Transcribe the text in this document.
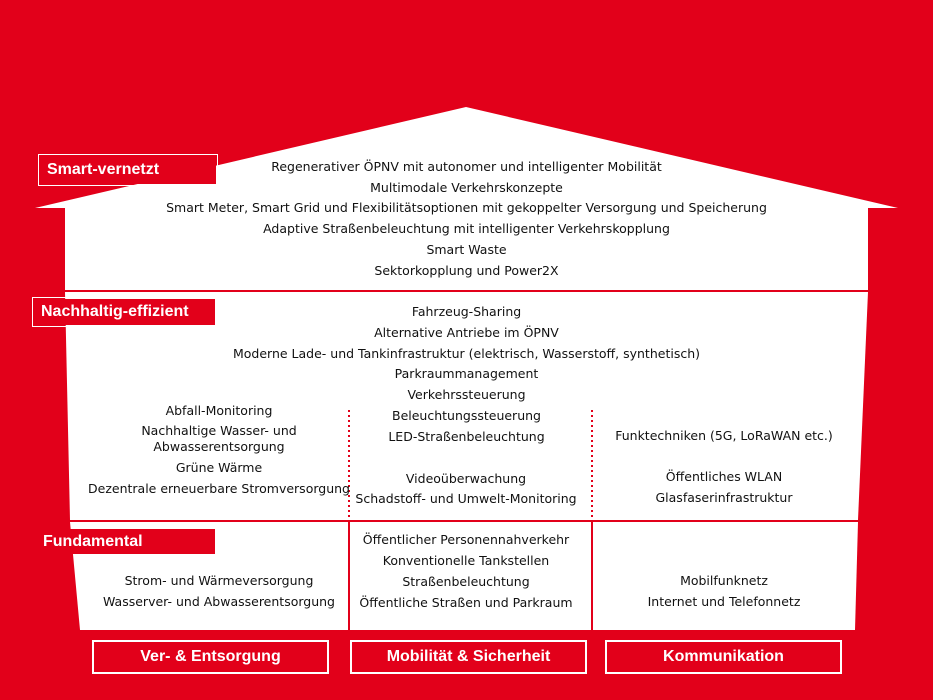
Smart-vernetzt
Nachhaltig-effizient
Fundamental
Regenerativer ÖPNV mit autonomer und intelligenter Mobilität
Multimodale Verkehrskonzepte
Smart Meter, Smart Grid und Flexibilitätsoptionen mit gekoppelter Versorgung und Speicherung
Adaptive Straßenbeleuchtung mit intelligenter Verkehrskopplung
Smart Waste
Sektorkopplung und Power2X
Fahrzeug-Sharing
Alternative Antriebe im ÖPNV
Moderne Lade- und Tankinfrastruktur (elektrisch, Wasserstoff, synthetisch)
Parkraummanagement
Verkehrssteuerung
Beleuchtungssteuerung
LED-Straßenbeleuchtung
Abfall-Monitoring
Nachhaltige Wasser- und
Abwasserentsorgung
Grüne Wärme
Dezentrale erneuerbare Stromversorgung
Videoüberwachung
Schadstoff- und Umwelt-Monitoring
Funktechniken (5G, LoRaWAN etc.)
Öffentliches WLAN
Glasfaserinfrastruktur
Strom- und Wärmeversorgung
Wasserver- und Abwasserentsorgung
Öffentlicher Personennahverkehr
Konventionelle Tankstellen
Straßenbeleuchtung
Öffentliche Straßen und Parkraum
Mobilfunknetz
Internet und Telefonnetz
Ver- & Entsorgung	Mobilität & Sicherheit	Kommunikation
